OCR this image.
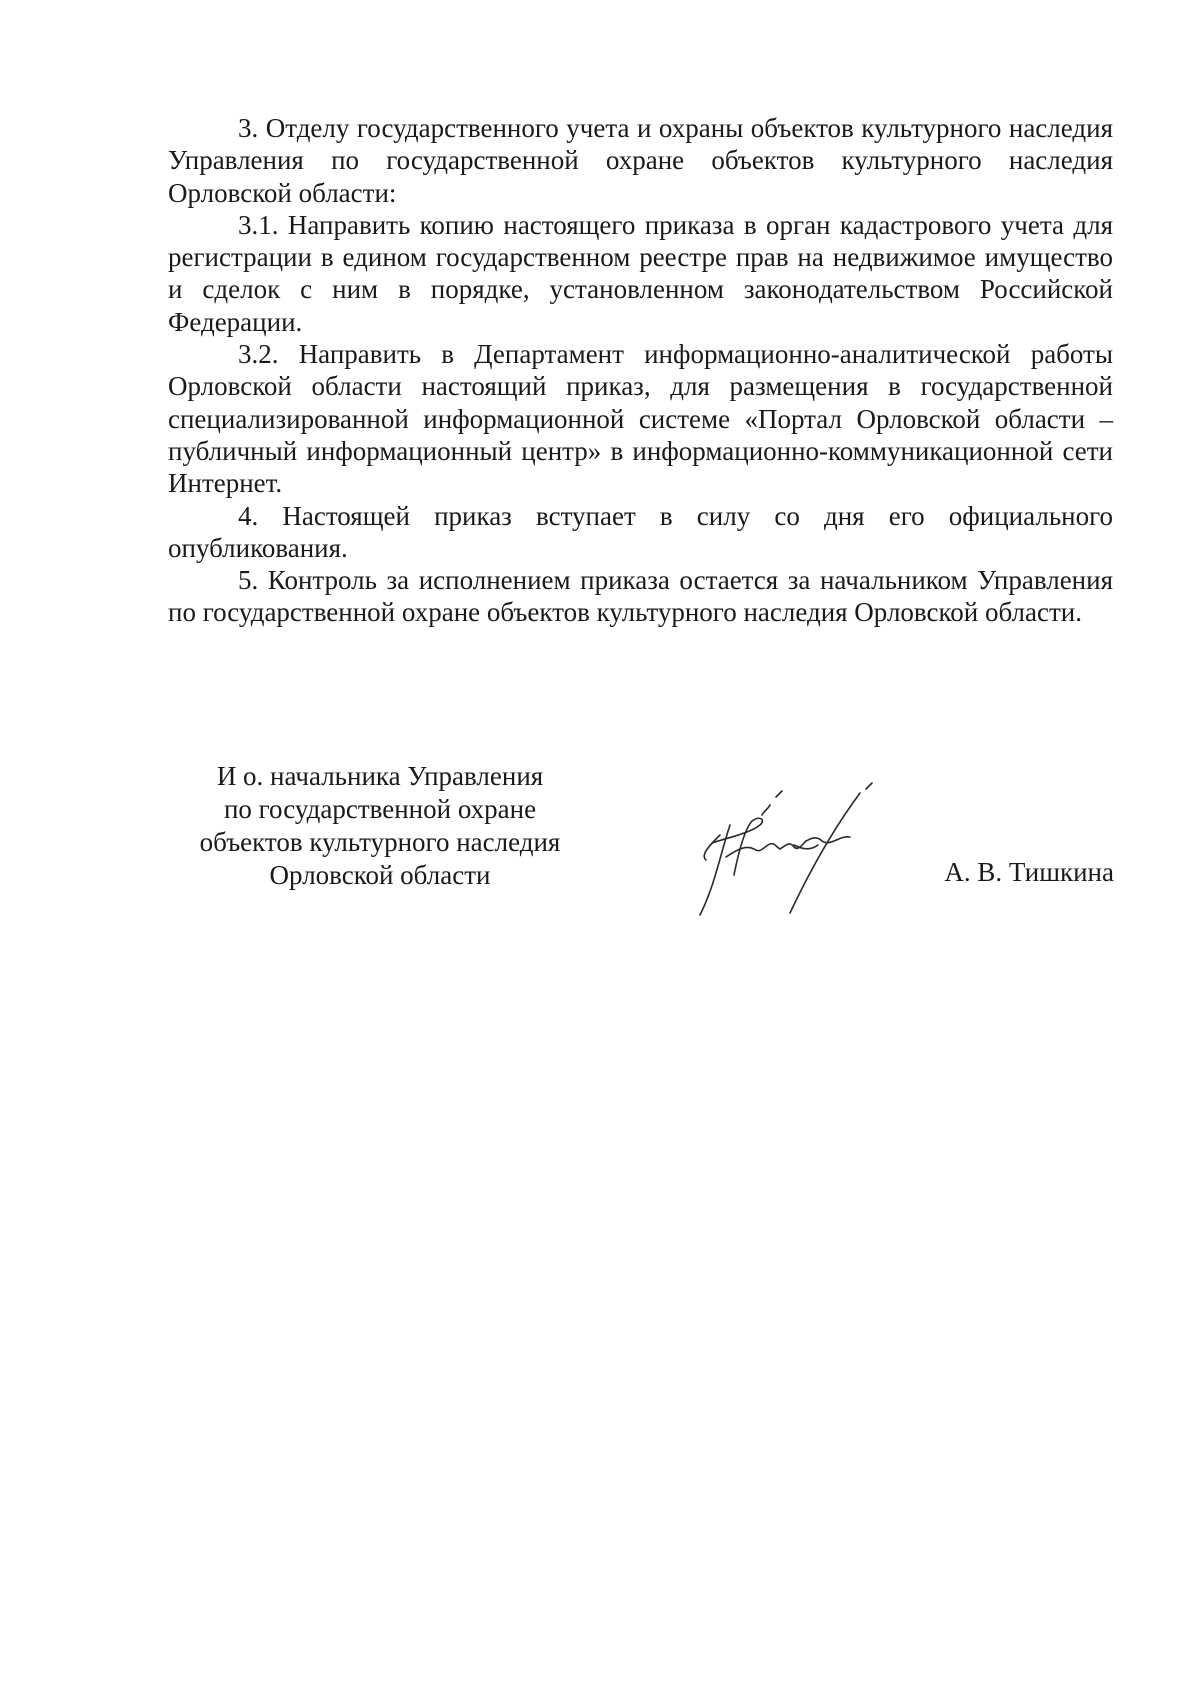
3. Отделу государственного учета и охраны объектов культурного наследия Управления по государственной охране объектов культурного наследия Орловской области:

3.1. Направить копию настоящего приказа в орган кадастрового учета для регистрации в едином государственном реестре прав на недвижимое имущество и сделок с ним в порядке, установленном законодательством Российской Федерации.

3.2. Направить в Департамент информационно-аналитической работы Орловской области настоящий приказ, для размещения в государственной специализированной информационной системе «Портал Орловской области – публичный информационный центр» в информационно-коммуникационной сети Интернет.

4. Настоящей приказ вступает в силу со дня его официального опубликования.

5. Контроль за исполнением приказа остается за начальником Управления по государственной охране объектов культурного наследия Орловской области.

И о. начальника Управления
по государственной охране
объектов культурного наследия
Орловской области	А. В. Тишкина
